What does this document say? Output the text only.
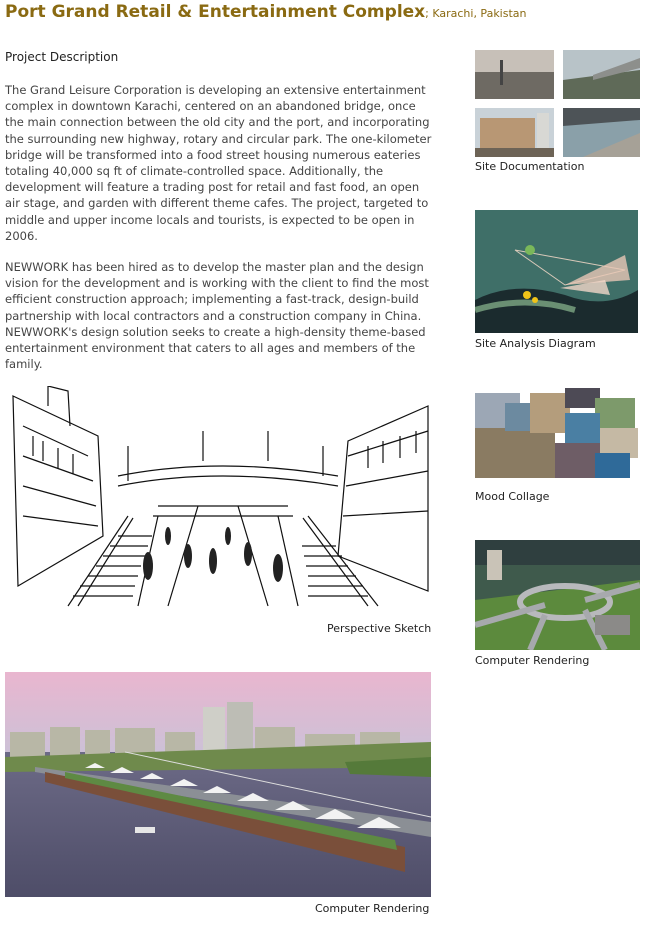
Port Grand Retail & Entertainment Complex; Karachi, Pakistan
Project Description

The Grand Leisure Corporation is developing an extensive entertainment complex in downtown Karachi, centered on an abandoned bridge, once the main connection between the old city and the port, and incorporating the surrounding new highway, rotary and circular park. The one-kilometer bridge will be transformed into a food street housing numerous eateries totaling 40,000 sq ft of climate-controlled space. Additionally, the development will feature a trading post for retail and fast food, an open air stage, and garden with different theme cafes. The project, targeted to middle and upper income locals and tourists, is expected to be open in 2006.

NEWWORK has been hired as to develop the master plan and the design vision for the development and is working with the client to find the most efficient construction approach; implementing a fast-track, design-build partnership with local contractors and a construction company in China. NEWWORK's design solution seeks to create a high-density theme-based entertainment environment that caters to all ages and members of the family.

Perspective Sketch
Computer Rendering
Site Documentation
Site Analysis Diagram
Mood Collage
Computer Rendering
